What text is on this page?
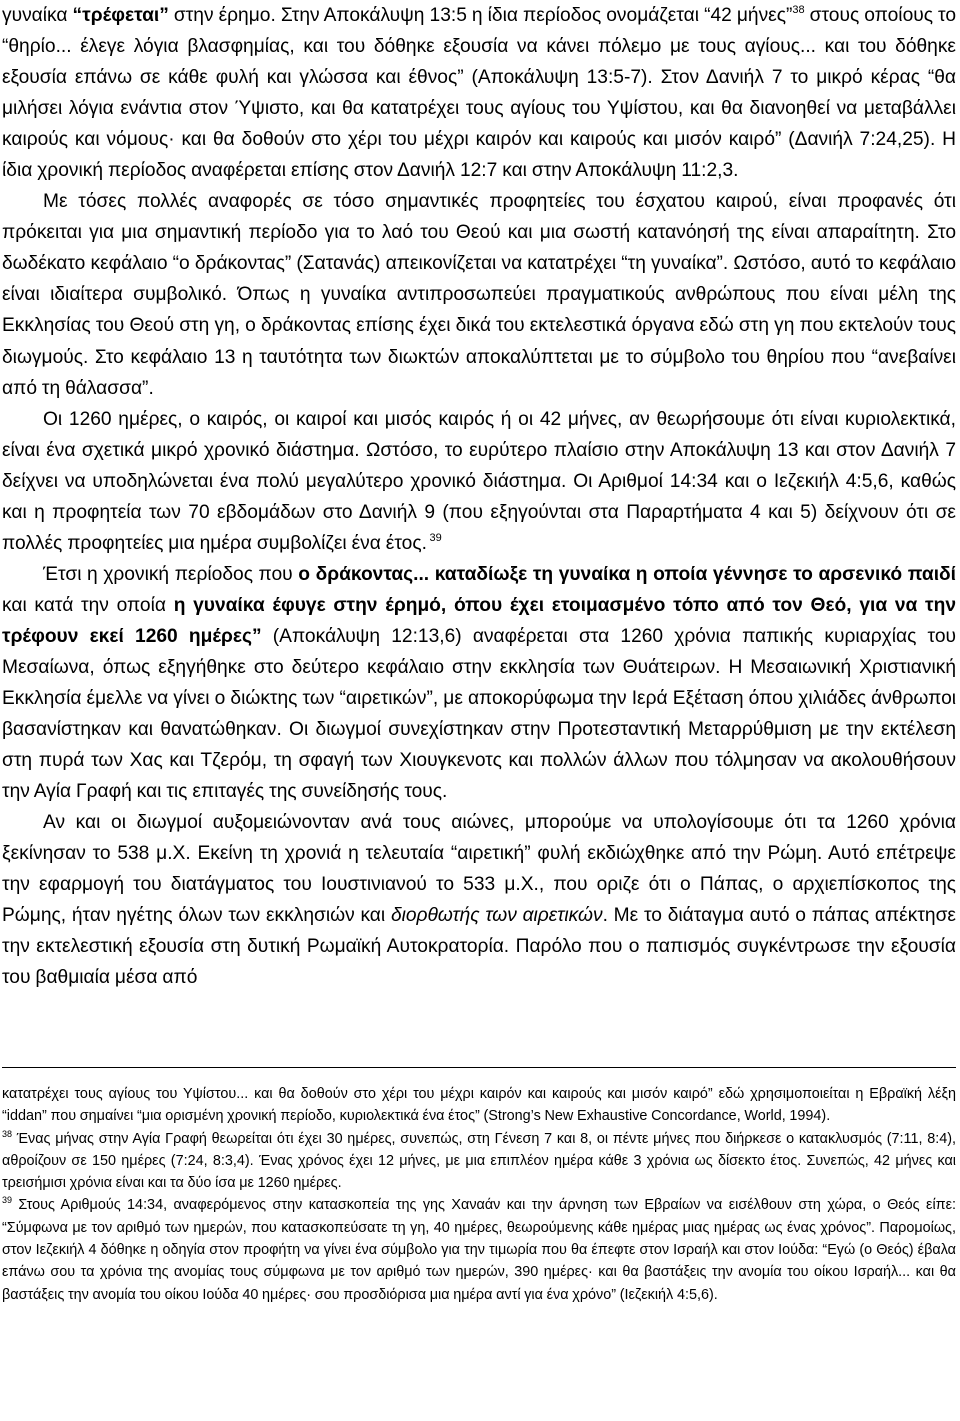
γυναίκα “τρέφεται” στην έρημο. Στην Αποκάλυψη 13:5 η ίδια περίοδος ονομάζεται “42 μήνες”$^{38}$ στους οποίους το “θηρίο... έλεγε λόγια βλασφημίας, και του δόθηκε εξουσία να κάνει πόλεμο με τους αγίους... και του δόθηκε εξουσία επάνω σε κάθε φυλή και γλώσσα και έθνος” (Αποκάλυψη 13:5-7). Στον Δανιήλ 7 το μικρό κέρας “θα μιλήσει λόγια ενάντια στον Ύψιστο, και θα κατατρέχει τους αγίους του Υψίστου, και θα διανοηθεί να μεταβάλλει καιρούς και νόμους· και θα δοθούν στο χέρι του μέχρι καιρόν και καιρούς και μισόν καιρό” (Δανιήλ 7:24,25). Η ίδια χρονική περίοδος αναφέρεται επίσης στον Δανιήλ 12:7 και στην Αποκάλυψη 11:2,3.

Με τόσες πολλές αναφορές σε τόσο σημαντικές προφητείες του έσχατου καιρού, είναι προφανές ότι πρόκειται για μια σημαντική περίοδο για το λαό του Θεού και μια σωστή κατανόησή της είναι απαραίτητη. Στο δωδέκατο κεφάλαιο “ο δράκοντας” (Σατανάς) απεικονίζεται να κατατρέχει “τη γυναίκα”. Ωστόσο, αυτό το κεφάλαιο είναι ιδιαίτερα συμβολικό. Όπως η γυναίκα αντιπροσωπεύει πραγματικούς ανθρώπους που είναι μέλη της Εκκλησίας του Θεού στη γη, ο δράκοντας επίσης έχει δικά του εκτελεστικά όργανα εδώ στη γη που εκτελούν τους διωγμούς. Στο κεφάλαιο 13 η ταυτότητα των διωκτών αποκαλύπτεται με το σύμβολο του θηρίου που “ανεβαίνει από τη θάλασσα”.

Οι 1260 ημέρες, ο καιρός, οι καιροί και μισός καιρός ή οι 42 μήνες, αν θεωρήσουμε ότι είναι κυριολεκτικά, είναι ένα σχετικά μικρό χρονικό διάστημα. Ωστόσο, το ευρύτερο πλαίσιο στην Αποκάλυψη 13 και στον Δανιήλ 7 δείχνει να υποδηλώνεται ένα πολύ μεγαλύτερο χρονικό διάστημα. Οι Αριθμοί 14:34 και ο Ιεζεκιήλ 4:5,6, καθώς και η προφητεία των 70 εβδομάδων στο Δανιήλ 9 (που εξηγούνται στα Παραρτήματα 4 και 5) δείχνουν ότι σε πολλές προφητείες μια ημέρα συμβολίζει ένα έτος. $^{39}$

Έτσι η χρονική περίοδος που ο δράκοντας... καταδίωξε τη γυναίκα η οποία γέννησε το αρσενικό παιδί και κατά την οποία η γυναίκα έφυγε στην έρημό, όπου έχει ετοιμασμένο τόπο από τον Θεό, για να την τρέφουν εκεί 1260 ημέρες” (Αποκάλυψη 12:13,6) αναφέρεται στα 1260 χρόνια παπικής κυριαρχίας του Μεσαίωνα, όπως εξηγήθηκε στο δεύτερο κεφάλαιο στην εκκλησία των Θυάτειρων. Η Μεσαιωνική Χριστιανική Εκκλησία έμελλε να γίνει ο διώκτης των “αιρετικών”, με αποκορύφωμα την Ιερά Εξέταση όπου χιλιάδες άνθρωποι βασανίστηκαν και θανατώθηκαν. Οι διωγμοί συνεχίστηκαν στην Προτεσταντική Μεταρρύθμιση με την εκτέλεση στη πυρά των Χας και Τζερόμ, τη σφαγή των Χιουγκενοτς και πολλών άλλων που τόλμησαν να ακολουθήσουν την Αγία Γραφή και τις επιταγές της συνείδησής τους.

Αν και οι διωγμοί αυξομειώνονταν ανά τους αιώνες, μπορούμε να υπολογίσουμε ότι τα 1260 χρόνια ξεκίνησαν το 538 μ.Χ. Εκείνη τη χρονιά η τελευταία “αιρετική” φυλή εκδιώχθηκε από την Ρώμη. Αυτό επέτρεψε την εφαρμογή του διατάγματος του Ιουστινιανού το 533 μ.Χ., που οριζε ότι ο Πάπας, ο αρχιεπίσκοπος της Ρώμης, ήταν ηγέτης όλων των εκκλησιών και διορθωτής των αιρετικών. Με το διάταγμα αυτό ο πάπας απέκτησε την εκτελεστική εξουσία στη δυτική Ρωμαϊκή Αυτοκρατορία. Παρόλο που ο παπισμός συγκέντρωσε την εξουσία του βαθμιαία μέσα από

κατατρέχει τους αγίους του Υψίστου... και θα δοθούν στο χέρι του μέχρι καιρόν και καιρούς και μισόν καιρό” εδώ χρησιμοποιείται η Εβραϊκή λέξη “iddan” που σημαίνει “μια ορισμένη χρονική περίοδο, κυριολεκτικά ένα έτος” (Strong’s New Exhaustive Concordance, World, 1994).

$^{38}$ Ένας μήνας στην Αγία Γραφή θεωρείται ότι έχει 30 ημέρες, συνεπώς, στη Γένεση 7 και 8, οι πέντε μήνες που διήρκεσε ο κατακλυσμός (7:11, 8:4), αθροίζουν σε 150 ημέρες (7:24, 8:3,4). Ένας χρόνος έχει 12 μήνες, με μια επιπλέον ημέρα κάθε 3 χρόνια ως δίσεκτο έτος. Συνεπώς, 42 μήνες και τρεισήμισι χρόνια είναι και τα δύο ίσα με 1260 ημέρες.

$^{39}$ Στους Αριθμούς 14:34, αναφερόμενος στην κατασκοπεία της γης Χαναάν και την άρνηση των Εβραίων να εισέλθουν στη χώρα, ο Θεός είπε: “Σύμφωνα με τον αριθμό των ημερών, που κατασκοπεύσατε τη γη, 40 ημέρες, θεωρούμενης κάθε ημέρας μιας ημέρας ως ένας χρόνος”. Παρομοίως, στον Ιεζεκιήλ 4 δόθηκε η οδηγία στον προφήτη να γίνει ένα σύμβολο για την τιμωρία που θα έπεφτε στον Ισραήλ και στον Ιούδα: “Εγώ (ο Θεός) έβαλα επάνω σου τα χρόνια της ανομίας τους σύμφωνα με τον αριθμό των ημερών, 390 ημέρες· και θα βαστάξεις την ανομία του οίκου Ισραήλ... και θα βαστάξεις την ανομία του οίκου Ιούδα 40 ημέρες· σου προσδιόρισα μια ημέρα αντί για ένα χρόνο” (Ιεζεκιήλ 4:5,6).
